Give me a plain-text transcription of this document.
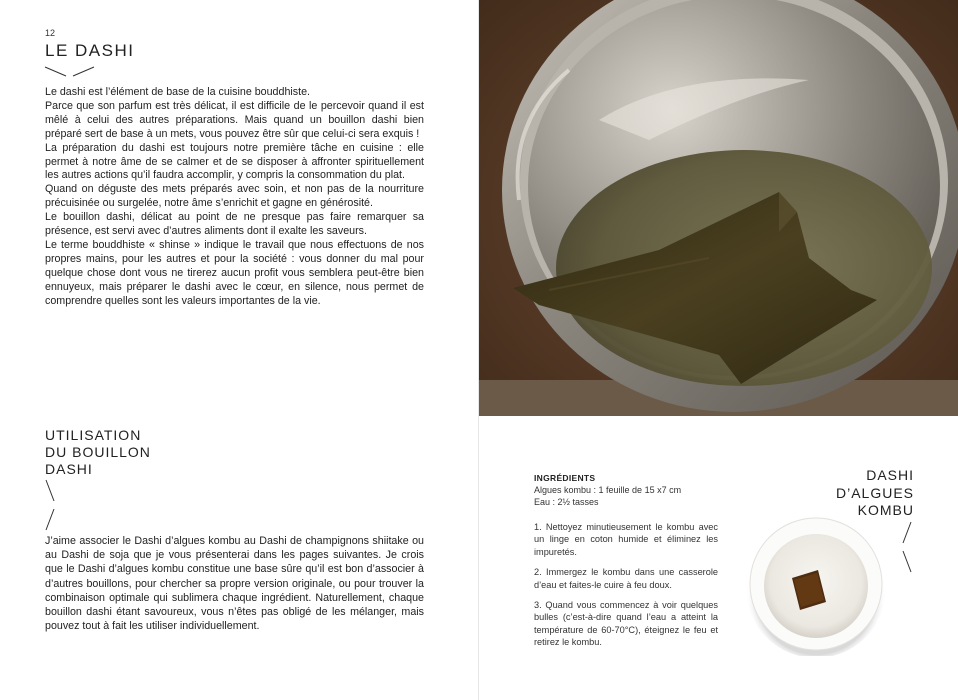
12
LE DASHI

Le dashi est l’élément de base de la cuisine bouddhiste.

Parce que son parfum est très délicat, il est difficile de le percevoir quand il est mêlé à celui des autres préparations. Mais quand un bouillon dashi bien préparé sert de base à un mets, vous pouvez être sûr que celui-ci sera exquis !

La préparation du dashi est toujours notre première tâche en cuisine : elle permet à notre âme de se calmer et de se disposer à affronter spirituellement les autres actions qu’il faudra accomplir, y compris la consommation du plat.

Quand on déguste des mets préparés avec soin, et non pas de la nourriture précuisinée ou surgelée, notre âme s’enrichit et gagne en générosité.

Le bouillon dashi, délicat au point de ne presque pas faire remarquer sa présence, est servi avec d’autres aliments dont il exalte les saveurs.

Le terme bouddhiste « shinse » indique le travail que nous effectuons de nos propres mains, pour les autres et pour la société : vous donner du mal pour quelque chose dont vous ne tirerez aucun profit vous semblera peut-être bien ennuyeux, mais préparer le dashi avec le cœur, en silence, nous permet de comprendre quelles sont les valeurs importantes de la vie.

UTILISATION
DU BOUILLON
DASHI

J’aime associer le Dashi d’algues kombu au Dashi de champignons shiitake ou au Dashi de soja que je vous présenterai dans les pages suivantes. Je crois que le Dashi d’algues kombu constitue une base sûre qu’il est bon d’associer à d’autres bouillons, pour chercher sa propre version originale, ou pour trouver la combinaison optimale qui sublimera chaque ingrédient. Naturellement, chaque bouillon dashi étant savoureux, vous n’êtes pas obligé de les mélanger, mais pouvez tout à fait les utiliser individuellement.

INGRÉDIENTS
Algues kombu : 1 feuille de 15 x7 cm
Eau : 2½ tasses

1. Nettoyez minutieusement le kombu avec un linge en coton humide et éliminez les impuretés.

2. Immergez le kombu dans une casserole d’eau et faites-le cuire à feu doux.

3. Quand vous commencez à voir quelques bulles (c’est-à-dire quand l’eau a atteint la température de 60-70°C), éteignez le feu et retirez le kombu.

DASHI
D’ALGUES
KOMBU
